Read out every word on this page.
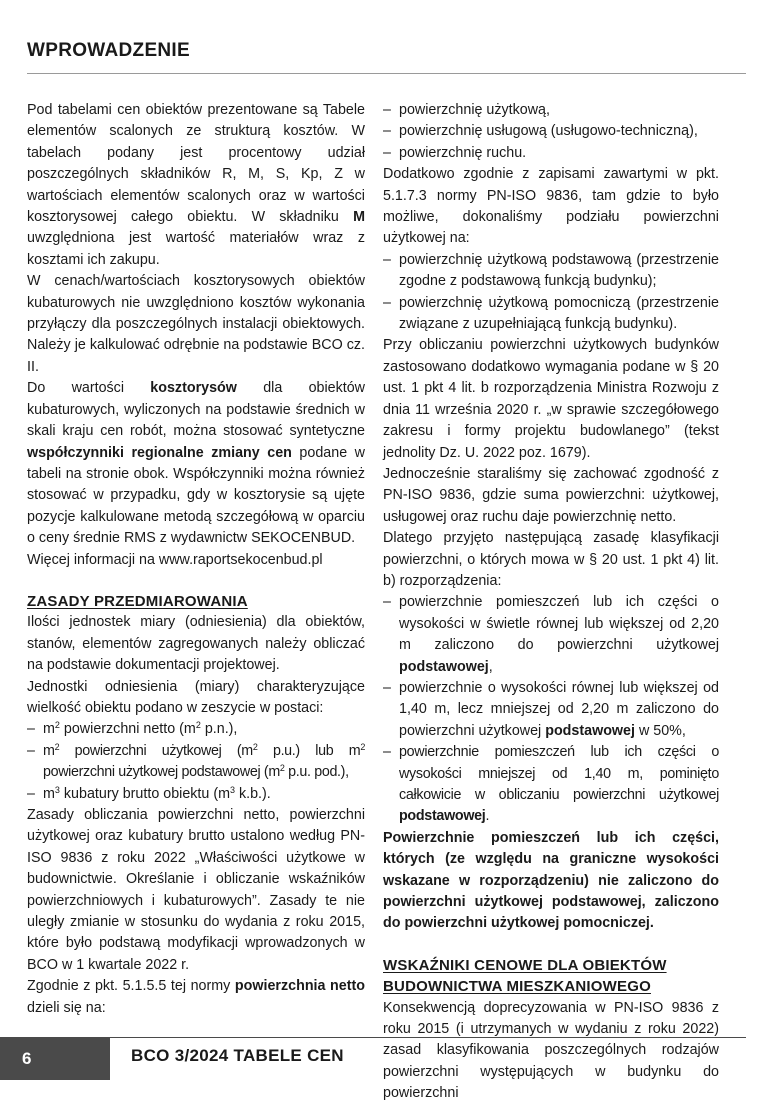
WPROWADZENIE

Pod tabelami cen obiektów prezentowane są Tabele elementów scalonych ze strukturą kosztów. W tabelach podany jest procentowy udział poszczególnych składników R, M, S, Kp, Z w wartościach elementów scalonych oraz w wartości kosztorysowej całego obiektu. W składniku M uwzględniona jest wartość materiałów wraz z kosztami ich zakupu.

W cenach/wartościach kosztorysowych obiektów kubaturowych nie uwzględniono kosztów wykonania przyłączy dla poszczególnych instalacji obiektowych. Należy je kalkulować odrębnie na podstawie BCO cz. II.

Do wartości kosztorysów dla obiektów kubaturowych, wyliczonych na podstawie średnich w skali kraju cen robót, można stosować syntetyczne współczynniki regionalne zmiany cen podane w tabeli na stronie obok. Współczynniki można również stosować w przypadku, gdy w kosztorysie są ujęte pozycje kalkulowane metodą szczegółową w oparciu o ceny średnie RMS z wydawnictw SEKOCENBUD.

Więcej informacji na www.raportsekocenbud.pl

ZASADY PRZEDMIAROWANIA

Ilości jednostek miary (odniesienia) dla obiektów, stanów, elementów zagregowanych należy obliczać na podstawie dokumentacji projektowej.

Jednostki odniesienia (miary) charakteryzujące wielkość obiektu podano w zeszycie w postaci:

– $m^2$ powierzchni netto ($m^2$ p.n.),
– $m^2$ powierzchni użytkowej ($m^2$ p.u.) lub $m^2$ powierzchni użytkowej podstawowej ($m^2$ p.u. pod.),
– $m^3$ kubatury brutto obiektu ($m^3$ k.b.).

Zasady obliczania powierzchni netto, powierzchni użytkowej oraz kubatury brutto ustalono według PN-ISO 9836 z roku 2022 „Właściwości użytkowe w budownictwie. Określanie i obliczanie wskaźników powierzchniowych i kubaturowych”. Zasady te nie uległy zmianie w stosunku do wydania z roku 2015, które było podstawą modyfikacji wprowadzonych w BCO w 1 kwartale 2022 r.

Zgodnie z pkt. 5.1.5.5 tej normy powierzchnia netto dzieli się na:

– powierzchnię użytkową,
– powierzchnię usługową (usługowo-techniczną),
– powierzchnię ruchu.

Dodatkowo zgodnie z zapisami zawartymi w pkt. 5.1.7.3 normy PN-ISO 9836, tam gdzie to było możliwe, dokonaliśmy podziału powierzchni użytkowej na:

– powierzchnię użytkową podstawową (przestrzenie zgodne z podstawową funkcją budynku);
– powierzchnię użytkową pomocniczą (przestrzenie związane z uzupełniającą funkcją budynku).

Przy obliczaniu powierzchni użytkowych budynków zastosowano dodatkowo wymagania podane w § 20 ust. 1 pkt 4 lit. b rozporządzenia Ministra Rozwoju z dnia 11 września 2020 r. „w sprawie szczegółowego zakresu i formy projektu budowlanego” (tekst jednolity Dz. U. 2022 poz. 1679).

Jednocześnie staraliśmy się zachować zgodność z PN-ISO 9836, gdzie suma powierzchni: użytkowej, usługowej oraz ruchu daje powierzchnię netto.

Dlatego przyjęto następującą zasadę klasyfikacji powierzchni, o których mowa w § 20 ust. 1 pkt 4) lit. b) rozporządzenia:

– powierzchnie pomieszczeń lub ich części o wysokości w świetle równej lub większej od 2,20 m zaliczono do powierzchni użytkowej podstawowej,
– powierzchnie o wysokości równej lub większej od 1,40 m, lecz mniejszej od 2,20 m zaliczono do powierzchni użytkowej podstawowej w 50%,
– powierzchnie pomieszczeń lub ich części o wysokości mniejszej od 1,40 m, pominięto całkowicie w obliczaniu powierzchni użytkowej podstawowej.

Powierzchnie pomieszczeń lub ich części, których (ze względu na graniczne wysokości wskazane w rozporządzeniu) nie zaliczono do powierzchni użytkowej podstawowej, zaliczono do powierzchni użytkowej pomocniczej.

WSKAŹNIKI CENOWE DLA OBIEKTÓW BUDOWNICTWA MIESZKANIOWEGO

Konsekwencją doprecyzowania w PN-ISO 9836 z roku 2015 (i utrzymanych w wydaniu z roku 2022) zasad klasyfikowania poszczególnych rodzajów powierzchni występujących w budynku do powierzchni

6	BCO 3/2024 TABELE CEN
